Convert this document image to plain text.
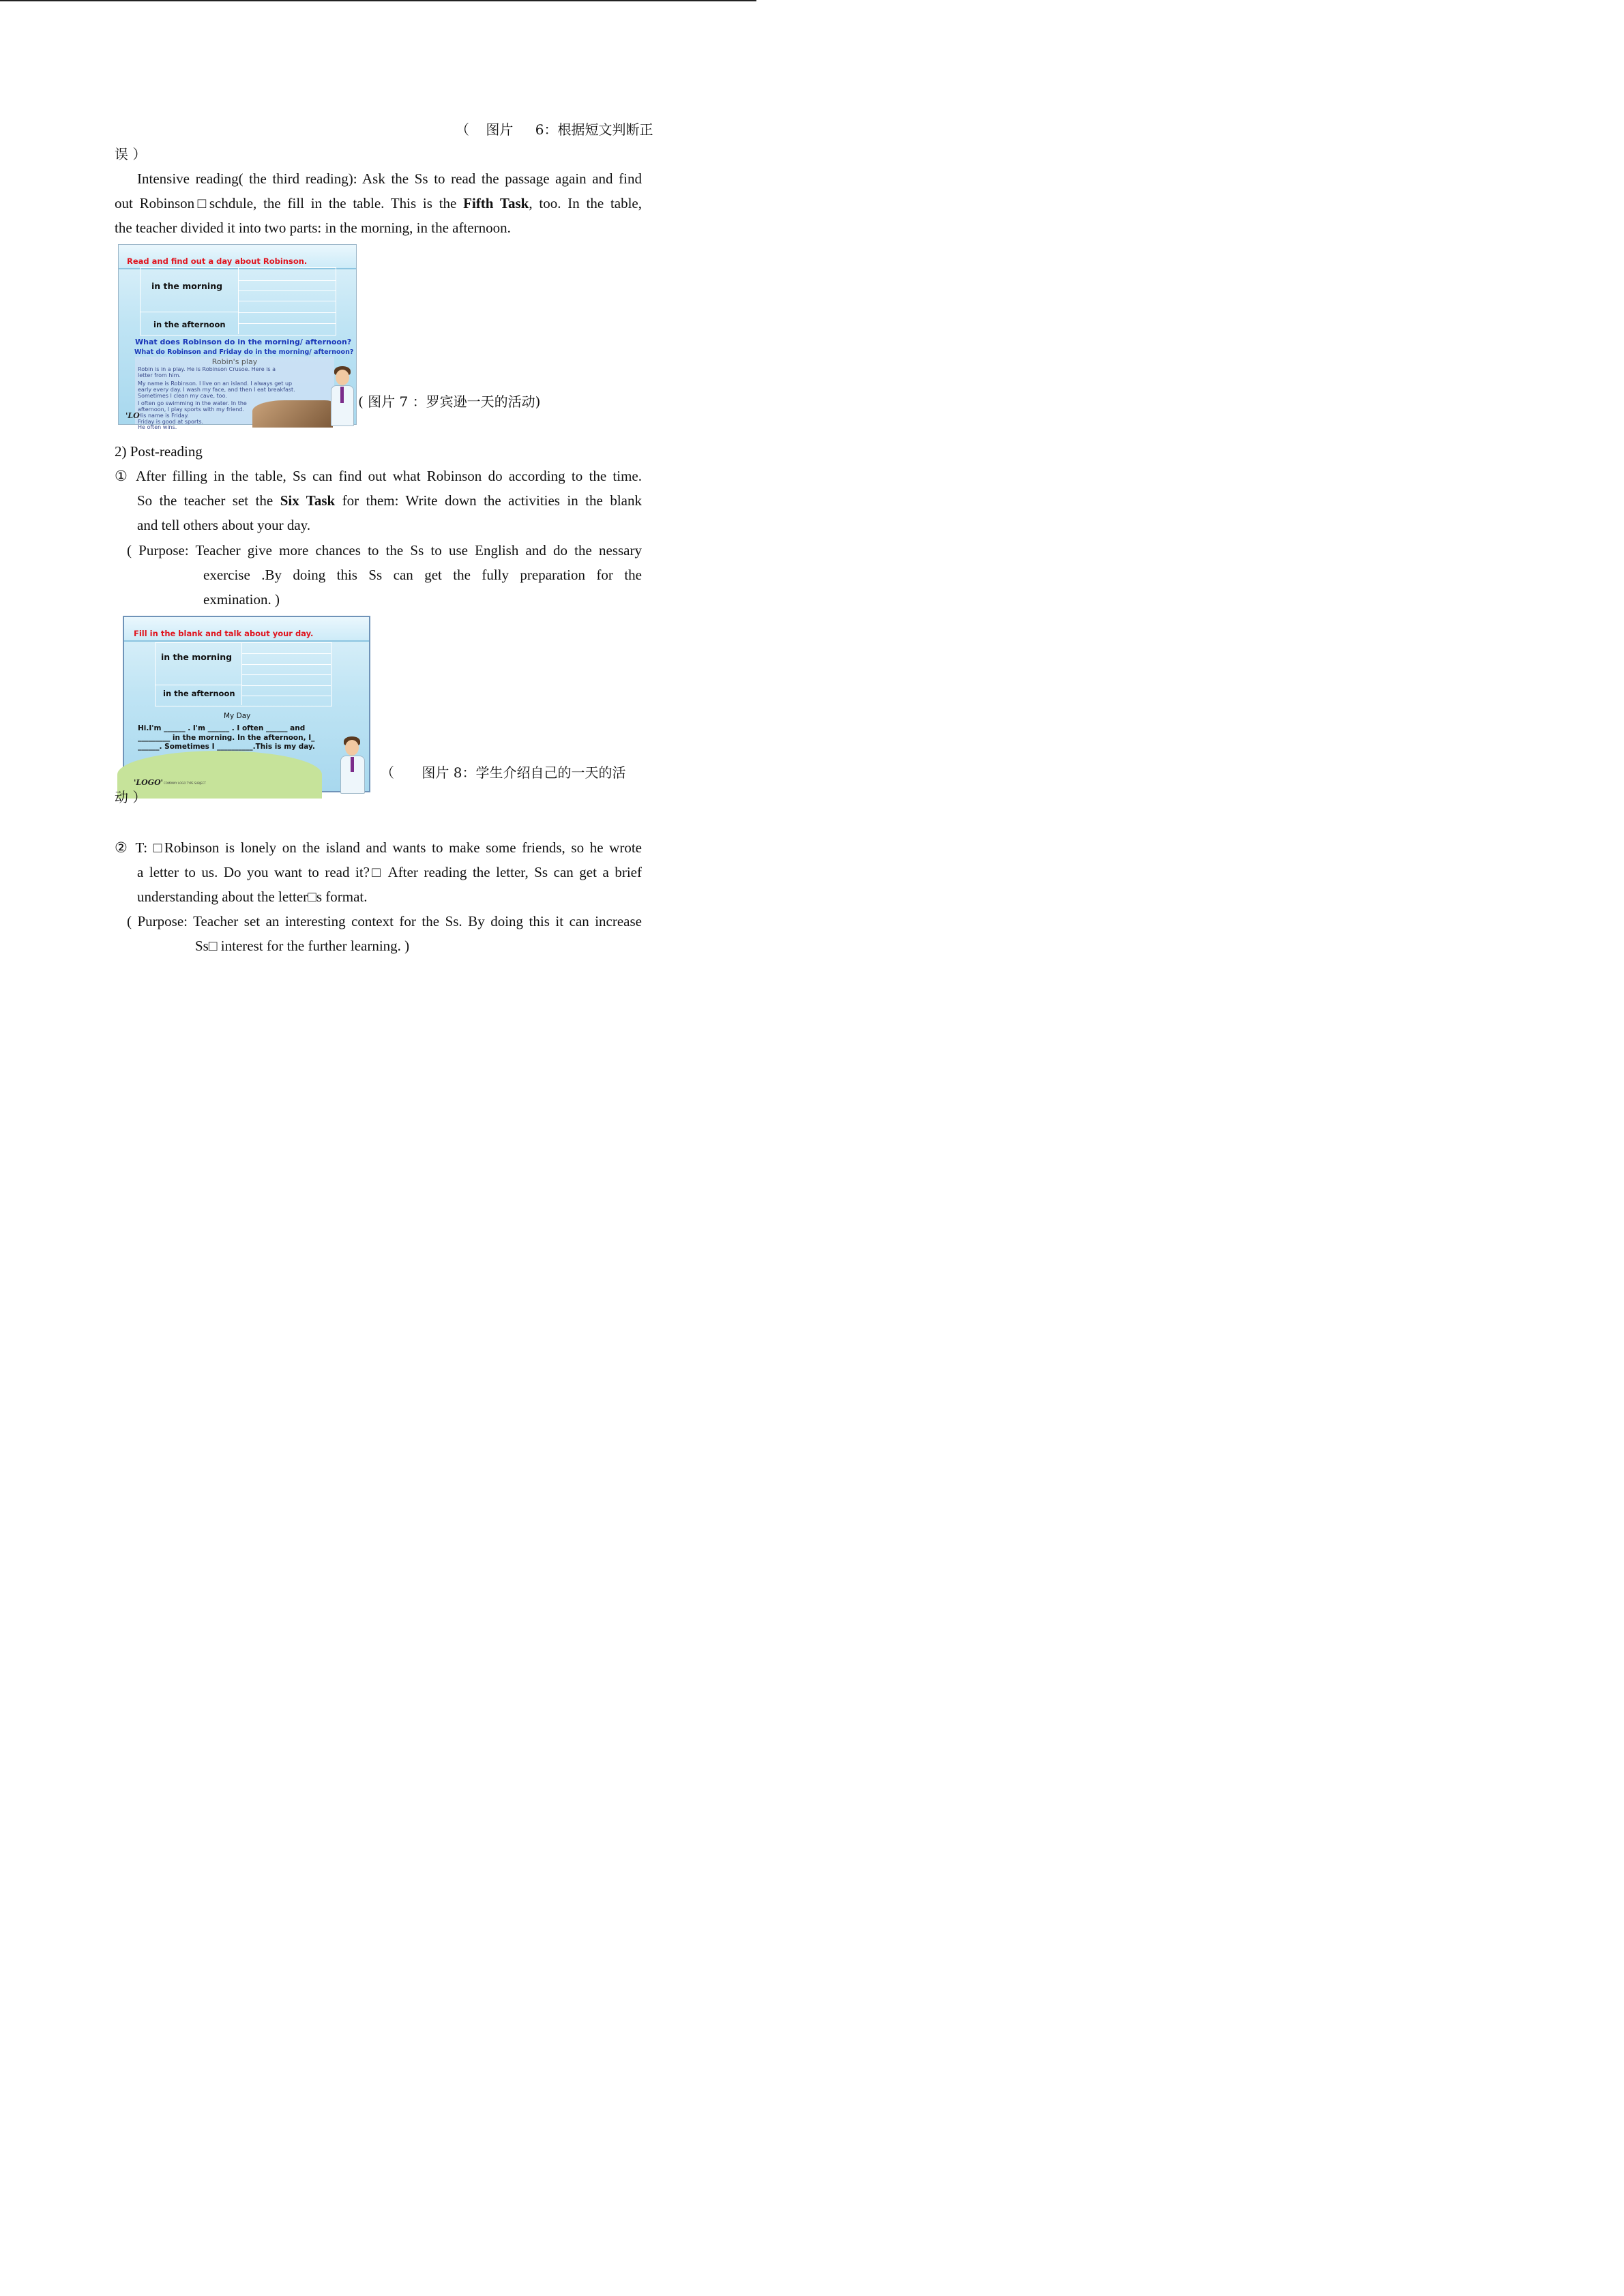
（ 图片 6：根据短文判断正
误 ）
Intensive reading( the third reading): Ask the Ss to read the passage again and find
out Robinson□schdule, the fill in the table. This is the Fifth Task, too. In the table,
the teacher divided it into two parts: in the morning, in the afternoon.
Read and find out a day about Robinson.
in the morning
in the afternoon
What does Robinson do in the morning/ afternoon?
What do Robinson and Friday do in the morning/ afternoon?
Robin's play
Robin is in a play. He is Robinson Crusoe. Here is a
letter from him.
My name is Robinson. I live on an island. I always get up
early every day. I wash my face, and then I eat breakfast.
Sometimes I clean my cave, too.
I often go swimming in the water. In the
afternoon, I play sports with my friend.
His name is Friday.
Friday is good at sports.
He often wins.
'LO
( 图片 7 ：罗宾逊一天的活动)
2) Post-reading
① After filling in the table, Ss can find out what Robinson do according to the time.
So the teacher set the Six Task for them: Write down the activities in the blank
and tell others about your day.
( Purpose: Teacher give more chances to the Ss to use English and do the nessary
exercise .By doing this Ss can get the fully preparation for the
exmination. )
Fill in the blank and talk about your day.
in the morning
in the afternoon
My Day
Hi.I'm ______ . I'm ______ . I often ______ and
_________ in the morning. In the afternoon, I_
______. Sometimes I __________.This is my day.
'LOGO' COMPANY LOGO TYPE SUBJECT
（ 图片 8：学生介绍自己的一天的活
动 ）
② T: □Robinson is lonely on the island and wants to make some friends, so he wrote
a letter to us. Do you want to read it?□ After reading the letter, Ss can get a brief
understanding about the letter□s format.
( Purpose: Teacher set an interesting context for the Ss. By doing this it can increase
Ss□ interest for the further learning. )
